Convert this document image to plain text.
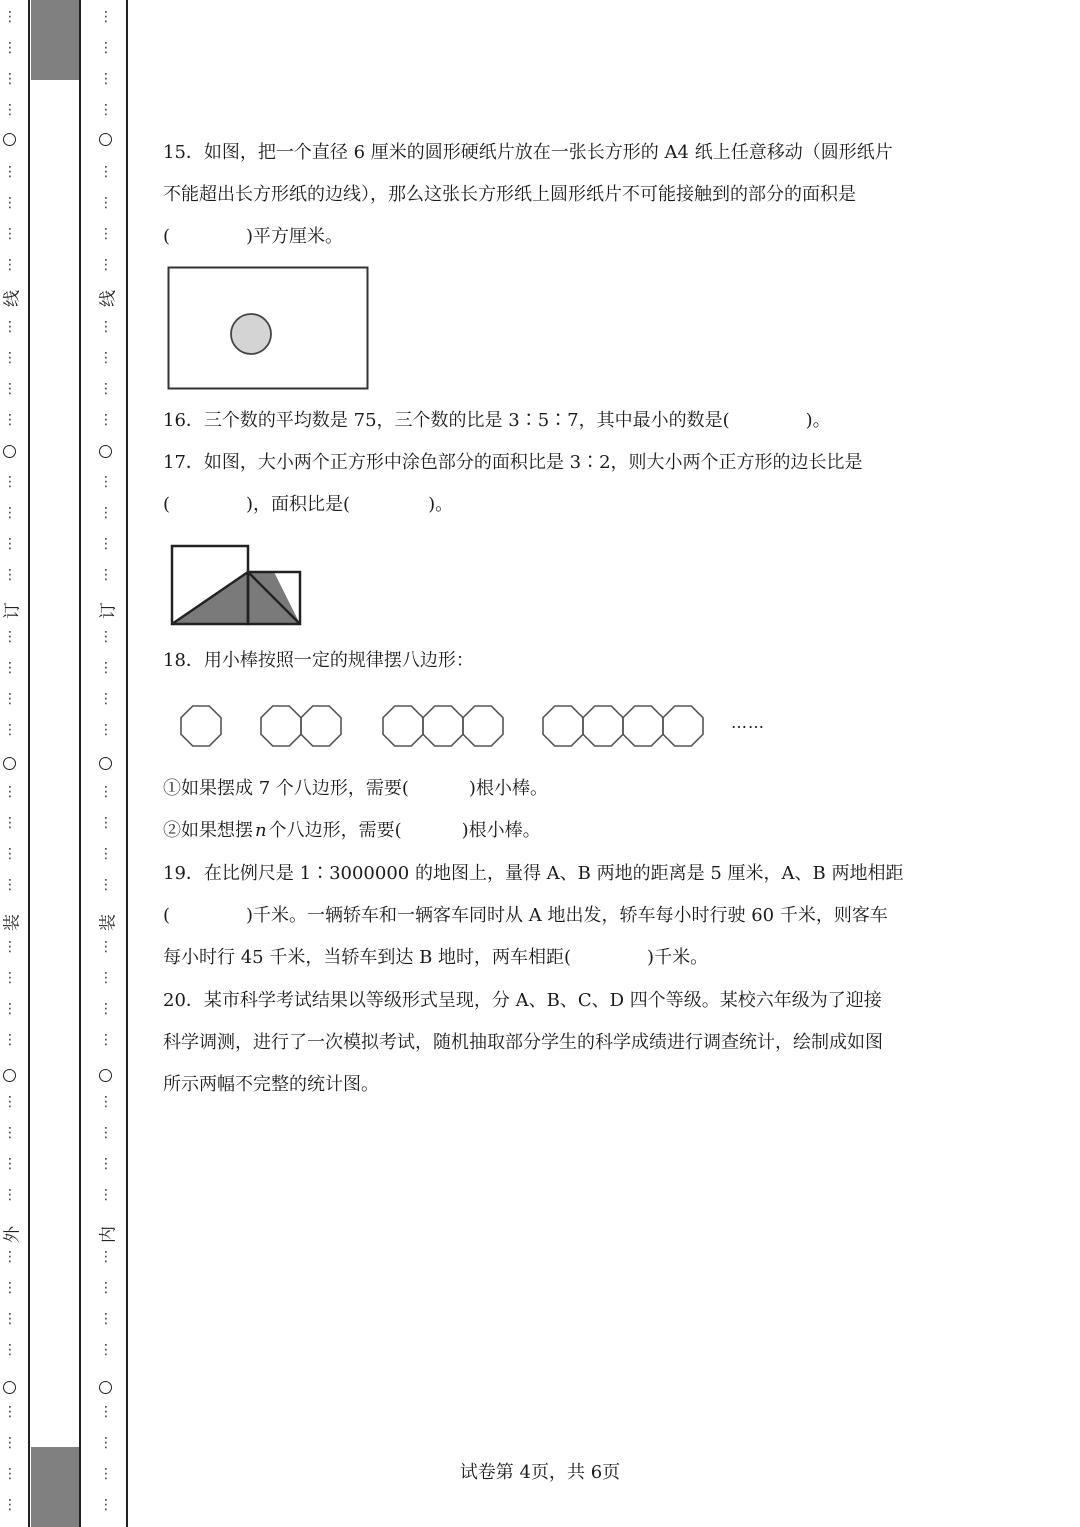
⋮
⋮
⋮
⋮
⋮
⋮
⋮
⋮
⋮
⋮
⋮
⋮
⋮
⋮
⋮
⋮
⋮
⋮
⋮
⋮
⋮
⋮
⋮
⋮
⋮
⋮
⋮
⋮
⋮
⋮
⋮
⋮
⋮
⋮
⋮
⋮
⋮
⋮
⋮
⋮
线
订
装
外
⋮
⋮
⋮
⋮
⋮
⋮
⋮
⋮
⋮
⋮
⋮
⋮
⋮
⋮
⋮
⋮
⋮
⋮
⋮
⋮
⋮
⋮
⋮
⋮
⋮
⋮
⋮
⋮
⋮
⋮
⋮
⋮
⋮
⋮
⋮
⋮
⋮
⋮
⋮
⋮
线
订
装
内
15．如图，把一个直径 6 厘米的圆形硬纸片放在一张长方形的 A4 纸上任意移动（圆形纸片
不能超出长方形纸的边线），那么这张长方形纸上圆形纸片不可能接触到的部分的面积是
(	)平方厘米。
16．三个数的平均数是 75，三个数的比是 3∶5∶7，其中最小的数是(	)。
17．如图，大小两个正方形中涂色部分的面积比是 3∶2，则大小两个正方形的边长比是
(	)，面积比是(	)。
18．用小棒按照一定的规律摆八边形：
……
①如果摆成 7 个八边形，需要(	)根小棒。
②如果想摆 n 个八边形，需要(	)根小棒。
19．在比例尺是 1∶3000000 的地图上，量得 A、B 两地的距离是 5 厘米，A、B 两地相距
(	)千米。一辆轿车和一辆客车同时从 A 地出发，轿车每小时行驶 60 千米，则客车
每小时行 45 千米，当轿车到达 B 地时，两车相距(	)千米。
20．某市科学考试结果以等级形式呈现，分 A、B、C、D 四个等级。某校六年级为了迎接
科学调测，进行了一次模拟考试，随机抽取部分学生的科学成绩进行调查统计，绘制成如图
所示两幅不完整的统计图。
试卷第 4页，共 6页
